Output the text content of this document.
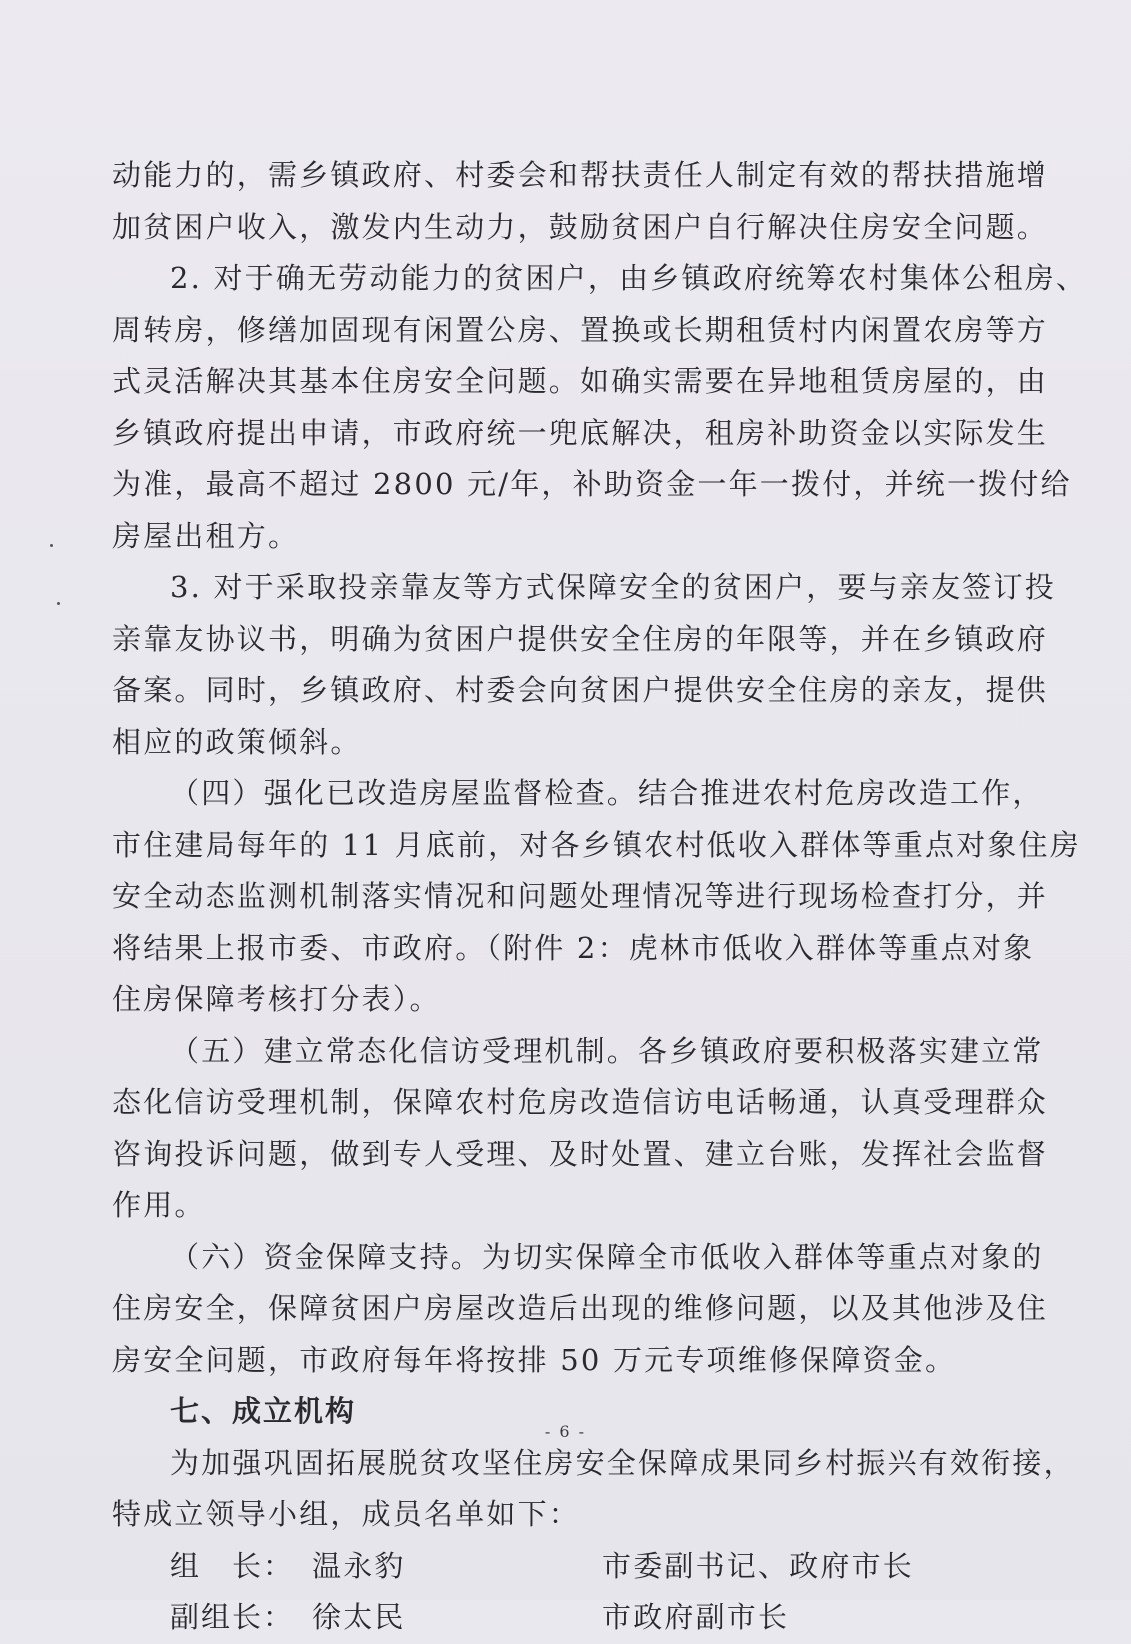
动能力的，需乡镇政府、村委会和帮扶责任人制定有效的帮扶措施增
加贫困户收入，激发内生动力，鼓励贫困户自行解决住房安全问题。
2. 对于确无劳动能力的贫困户，由乡镇政府统筹农村集体公租房、
周转房，修缮加固现有闲置公房、置换或长期租赁村内闲置农房等方
式灵活解决其基本住房安全问题。如确实需要在异地租赁房屋的，由
乡镇政府提出申请，市政府统一兜底解决，租房补助资金以实际发生
为准，最高不超过 2800 元/年，补助资金一年一拨付，并统一拨付给
房屋出租方。
3. 对于采取投亲靠友等方式保障安全的贫困户，要与亲友签订投
亲靠友协议书，明确为贫困户提供安全住房的年限等，并在乡镇政府
备案。同时，乡镇政府、村委会向贫困户提供安全住房的亲友，提供
相应的政策倾斜。
（四）强化已改造房屋监督检查。结合推进农村危房改造工作，
市住建局每年的 11 月底前，对各乡镇农村低收入群体等重点对象住房
安全动态监测机制落实情况和问题处理情况等进行现场检查打分，并
将结果上报市委、市政府。（附件 2：虎林市低收入群体等重点对象
住房保障考核打分表）。
（五）建立常态化信访受理机制。各乡镇政府要积极落实建立常
态化信访受理机制，保障农村危房改造信访电话畅通，认真受理群众
咨询投诉问题，做到专人受理、及时处置、建立台账，发挥社会监督
作用。
（六）资金保障支持。为切实保障全市低收入群体等重点对象的
住房安全，保障贫困户房屋改造后出现的维修问题，以及其他涉及住
房安全问题，市政府每年将按排 50 万元专项维修保障资金。
七、成立机构
为加强巩固拓展脱贫攻坚住房安全保障成果同乡村振兴有效衔接，
特成立领导小组，成员名单如下：
组　长： 温永豹	市委副书记、政府市长
副组长： 徐太民	市政府副市长
- 6 -
